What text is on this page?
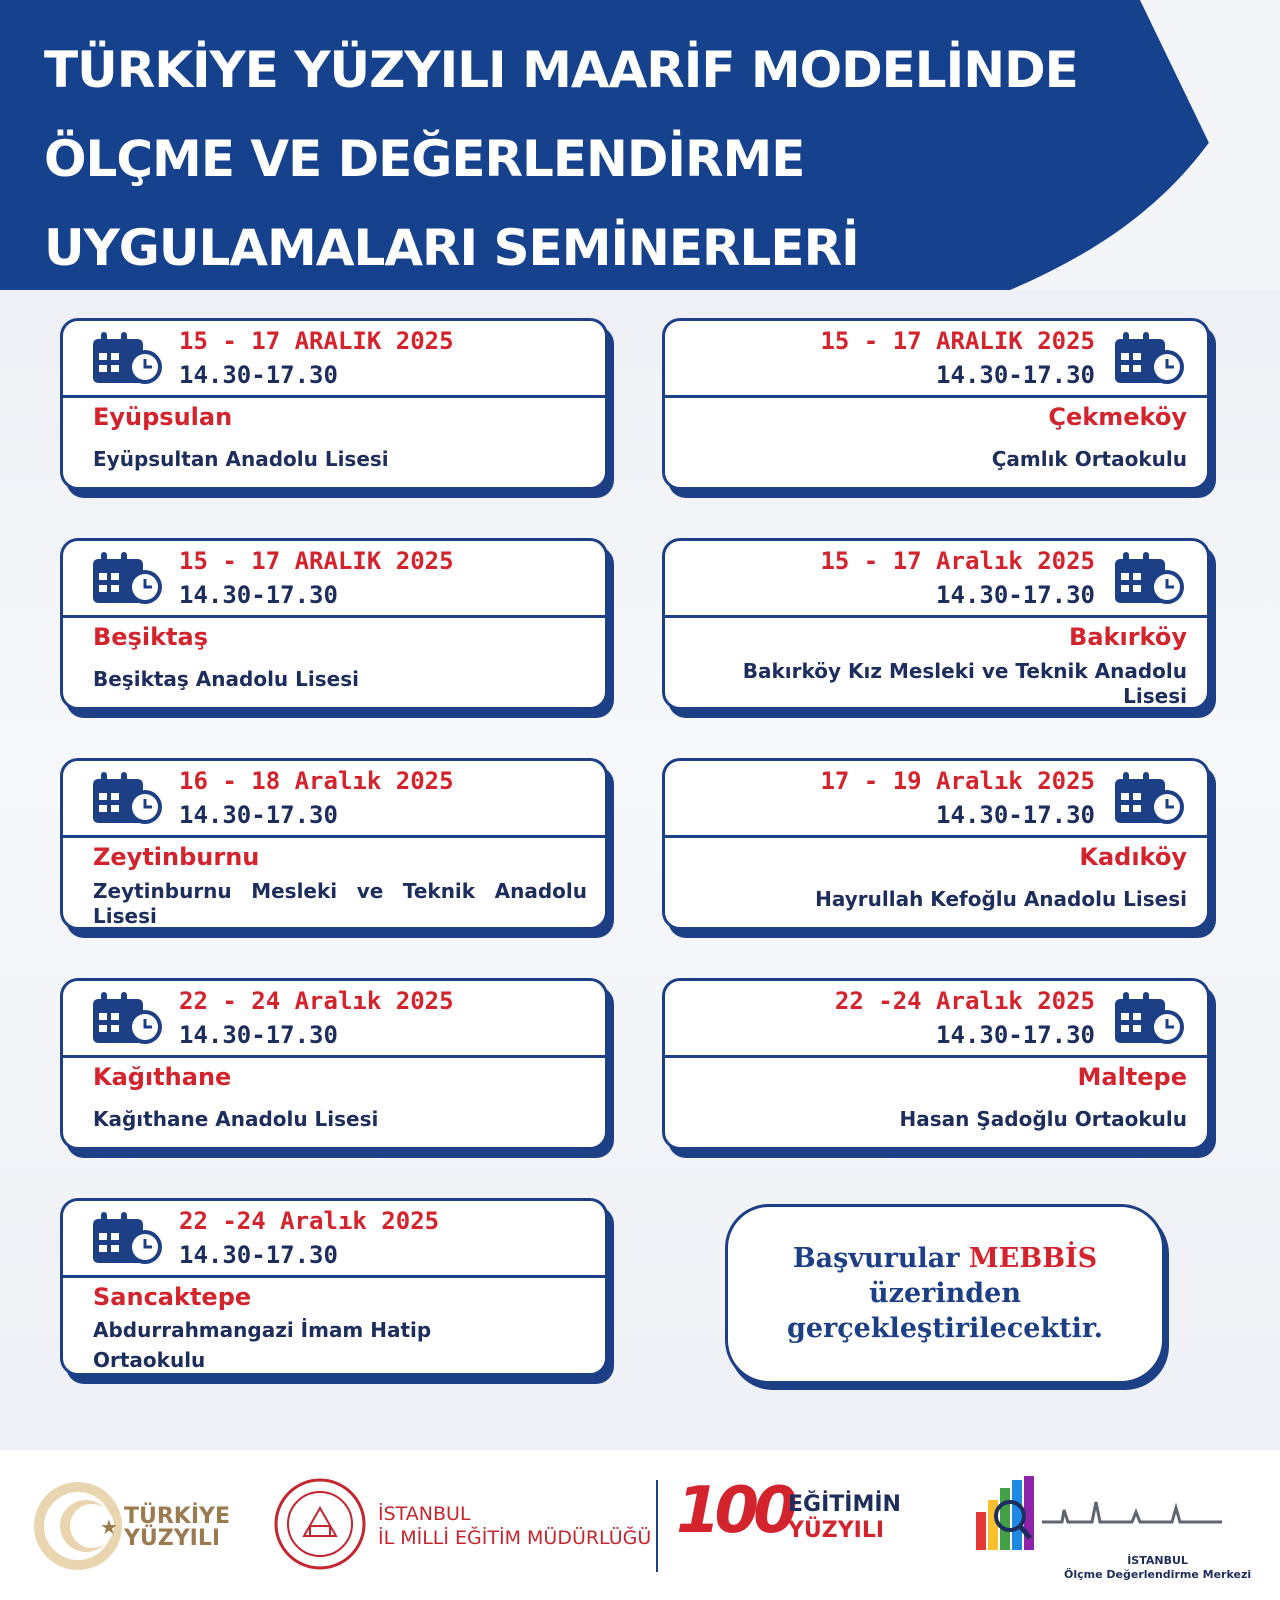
TÜRKİYE YÜZYILI MAARİF MODELİNDE
ÖLÇME VE DEĞERLENDİRME
UYGULAMALARI SEMİNERLERİ
15 - 17 ARALIK 2025
14.30-17.30
Eyüpsulan
Eyüpsultan Anadolu Lisesi
15 - 17 ARALIK 2025
14.30-17.30
Çekmeköy
Çamlık Ortaokulu
15 - 17 ARALIK 2025
14.30-17.30
Beşiktaş
Beşiktaş Anadolu Lisesi
15 - 17 Aralık 2025
14.30-17.30
Bakırköy
Bakırköy Kız Mesleki ve Teknik Anadolu Lisesi
16 - 18 Aralık 2025
14.30-17.30
Zeytinburnu
Zeytinburnu Mesleki ve Teknik Anadolu Lisesi
17 - 19 Aralık 2025
14.30-17.30
Kadıköy
Hayrullah Kefoğlu Anadolu Lisesi
22 - 24 Aralık 2025
14.30-17.30
Kağıthane
Kağıthane Anadolu Lisesi
22 -24 Aralık 2025
14.30-17.30
Maltepe
Hasan Şadoğlu Ortaokulu
22 -24 Aralık 2025
14.30-17.30
Sancaktepe
Abdurrahmangazi İmam Hatip Ortaokulu

Başvurular MEBBİS
üzerinden
gerçekleştirilecektir.

★ TÜRKİYE
YÜZYILI
İSTANBUL
İL MİLLİ EĞİTİM MÜDÜRLÜĞÜ 100
EĞİTİMİN
YÜZYILI
İSTANBUL
Ölçme Değerlendirme Merkezi
